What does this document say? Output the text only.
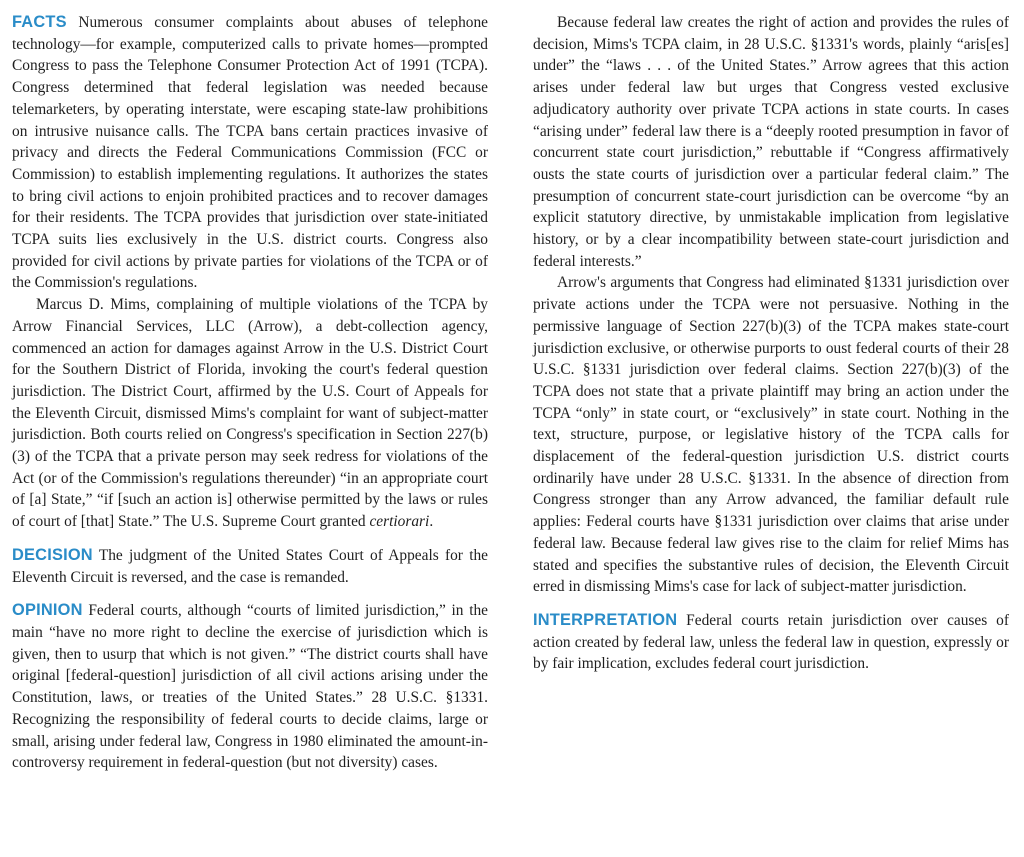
FACTS Numerous consumer complaints about abuses of telephone technology—for example, computerized calls to private homes—prompted Congress to pass the Telephone Consumer Protection Act of 1991 (TCPA). Congress determined that federal legislation was needed because telemarketers, by operating interstate, were escaping state-law prohibitions on intrusive nuisance calls. The TCPA bans certain practices invasive of privacy and directs the Federal Communications Commission (FCC or Commission) to establish implementing regulations. It authorizes the states to bring civil actions to enjoin prohibited practices and to recover damages for their residents. The TCPA provides that jurisdiction over state-initiated TCPA suits lies exclusively in the U.S. district courts. Congress also provided for civil actions by private parties for violations of the TCPA or of the Commission's regulations.

Marcus D. Mims, complaining of multiple violations of the TCPA by Arrow Financial Services, LLC (Arrow), a debt-collection agency, commenced an action for damages against Arrow in the U.S. District Court for the Southern District of Florida, invoking the court's federal question jurisdiction. The District Court, affirmed by the U.S. Court of Appeals for the Eleventh Circuit, dismissed Mims's complaint for want of subject-matter jurisdiction. Both courts relied on Congress's specification in Section 227(b)(3) of the TCPA that a private person may seek redress for violations of the Act (or of the Commission's regulations thereunder) “in an appropriate court of [a] State,” “if [such an action is] otherwise permitted by the laws or rules of court of [that] State.” The U.S. Supreme Court granted certiorari.

DECISION The judgment of the United States Court of Appeals for the Eleventh Circuit is reversed, and the case is remanded.

OPINION Federal courts, although “courts of limited jurisdiction,” in the main “have no more right to decline the exercise of jurisdiction which is given, then to usurp that which is not given.” “The district courts shall have original [federal-question] jurisdiction of all civil actions arising under the Constitution, laws, or treaties of the United States.” 28 U.S.C. §1331. Recognizing the responsibility of federal courts to decide claims, large or small, arising under federal law, Congress in 1980 eliminated the amount-in-controversy requirement in federal-question (but not diversity) cases.

Because federal law creates the right of action and provides the rules of decision, Mims's TCPA claim, in 28 U.S.C. §1331's words, plainly “aris[es] under” the “laws . . . of the United States.” Arrow agrees that this action arises under federal law but urges that Congress vested exclusive adjudicatory authority over private TCPA actions in state courts. In cases “arising under” federal law there is a “deeply rooted presumption in favor of concurrent state court jurisdiction,” rebuttable if “Congress affirmatively ousts the state courts of jurisdiction over a particular federal claim.” The presumption of concurrent state-court jurisdiction can be overcome “by an explicit statutory directive, by unmistakable implication from legislative history, or by a clear incompatibility between state-court jurisdiction and federal interests.”

Arrow's arguments that Congress had eliminated §1331 jurisdiction over private actions under the TCPA were not persuasive. Nothing in the permissive language of Section 227(b)(3) of the TCPA makes state-court jurisdiction exclusive, or otherwise purports to oust federal courts of their 28 U.S.C. §1331 jurisdiction over federal claims. Section 227(b)(3) of the TCPA does not state that a private plaintiff may bring an action under the TCPA “only” in state court, or “exclusively” in state court. Nothing in the text, structure, purpose, or legislative history of the TCPA calls for displacement of the federal-question jurisdiction U.S. district courts ordinarily have under 28 U.S.C. §1331. In the absence of direction from Congress stronger than any Arrow advanced, the familiar default rule applies: Federal courts have §1331 jurisdiction over claims that arise under federal law. Because federal law gives rise to the claim for relief Mims has stated and specifies the substantive rules of decision, the Eleventh Circuit erred in dismissing Mims's case for lack of subject-matter jurisdiction.

INTERPRETATION Federal courts retain jurisdiction over causes of action created by federal law, unless the federal law in question, expressly or by fair implication, excludes federal court jurisdiction.
